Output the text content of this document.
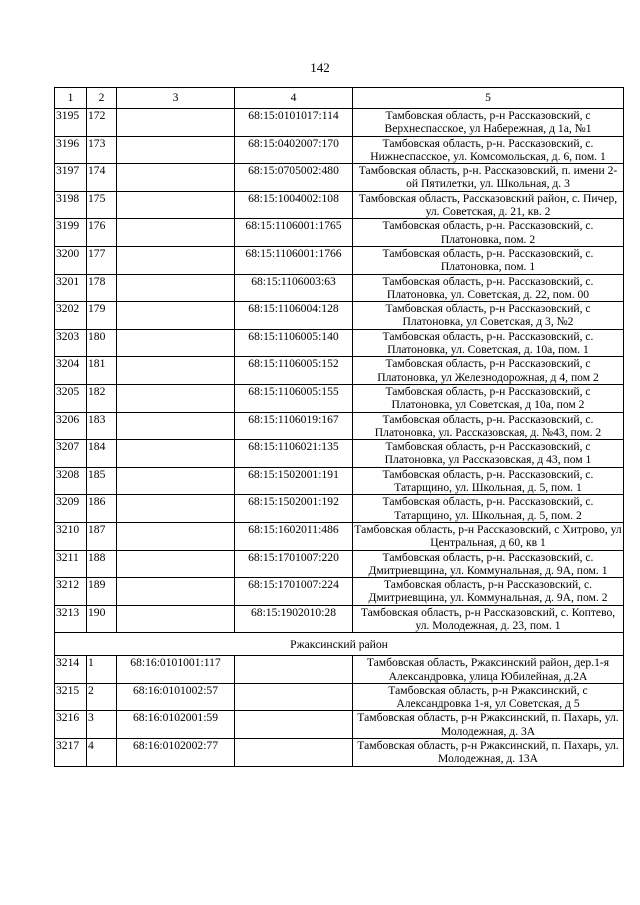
142
1	2	3	4	5
3195	172		68:15:0101017:114	Тамбовская область, р-н Рассказовский, с Верхнеспасское, ул Набережная, д 1а, №1
3196	173		68:15:0402007:170	Тамбовская область, р-н. Рассказовский, с. Нижнеспасское, ул. Комсомольская, д. 6, пом. 1
3197	174		68:15:0705002:480	Тамбовская область, р-н. Рассказовский, п. имени 2-ой Пятилетки, ул. Школьная, д. 3
3198	175		68:15:1004002:108	Тамбовская область, Рассказовский район, с. Пичер, ул. Советская, д. 21, кв. 2
3199	176		68:15:1106001:1765	Тамбовская область, р-н. Рассказовский, с. Платоновка, пом. 2
3200	177		68:15:1106001:1766	Тамбовская область, р-н. Рассказовский, с. Платоновка, пом. 1
3201	178		68:15:1106003:63	Тамбовская область, р-н. Рассказовский, с. Платоновка, ул. Советская, д. 22, пом. 00
3202	179		68:15:1106004:128	Тамбовская область, р-н Рассказовский, с Платоновка, ул Советская, д 3, №2
3203	180		68:15:1106005:140	Тамбовская область, р-н. Рассказовский, с. Платоновка, ул. Советская, д. 10а, пом. 1
3204	181		68:15:1106005:152	Тамбовская область, р-н Рассказовский, с Платоновка, ул Железнодорожная, д 4, пом 2
3205	182		68:15:1106005:155	Тамбовская область, р-н Рассказовский, с Платоновка, ул Советская, д 10а, пом 2
3206	183		68:15:1106019:167	Тамбовская область, р-н. Рассказовский, с. Платоновка, ул. Рассказовская, д. №43, пом. 2
3207	184		68:15:1106021:135	Тамбовская область, р-н Рассказовский, с Платоновка, ул Рассказовская, д 43, пом 1
3208	185		68:15:1502001:191	Тамбовская область, р-н. Рассказовский, с. Татарщино, ул. Школьная, д. 5, пом. 1
3209	186		68:15:1502001:192	Тамбовская область, р-н. Рассказовский, с. Татарщино, ул. Школьная, д. 5, пом. 2
3210	187		68:15:1602011:486	Тамбовская область, р-н Рассказовский, с Хитрово, ул Центральная, д 60, кв 1
3211	188		68:15:1701007:220	Тамбовская область, р-н. Рассказовский, с. Дмитриевщина, ул. Коммунальная, д. 9А, пом. 1
3212	189		68:15:1701007:224	Тамбовская область, р-н Рассказовский, с. Дмитриевщина, ул. Коммунальная, д. 9А, пом. 2
3213	190		68:15:1902010:28	Тамбовская область, р-н Рассказовский, с. Коптево, ул. Молодежная, д. 23, пом. 1
Ржаксинский район				
3214	1	68:16:0101001:117		Тамбовская область, Ржаксинский район, дер.1-я Александровка, улица Юбилейная, д.2А
3215	2	68:16:0101002:57		Тамбовская область, р-н Ржаксинский, с Александровка 1-я, ул Советская, д 5
3216	3	68:16:0102001:59		Тамбовская область, р-н Ржаксинский, п. Пахарь, ул. Молодежная, д. 3А
3217	4	68:16:0102002:77		Тамбовская область, р-н Ржаксинский, п. Пахарь, ул. Молодежная, д. 13А
